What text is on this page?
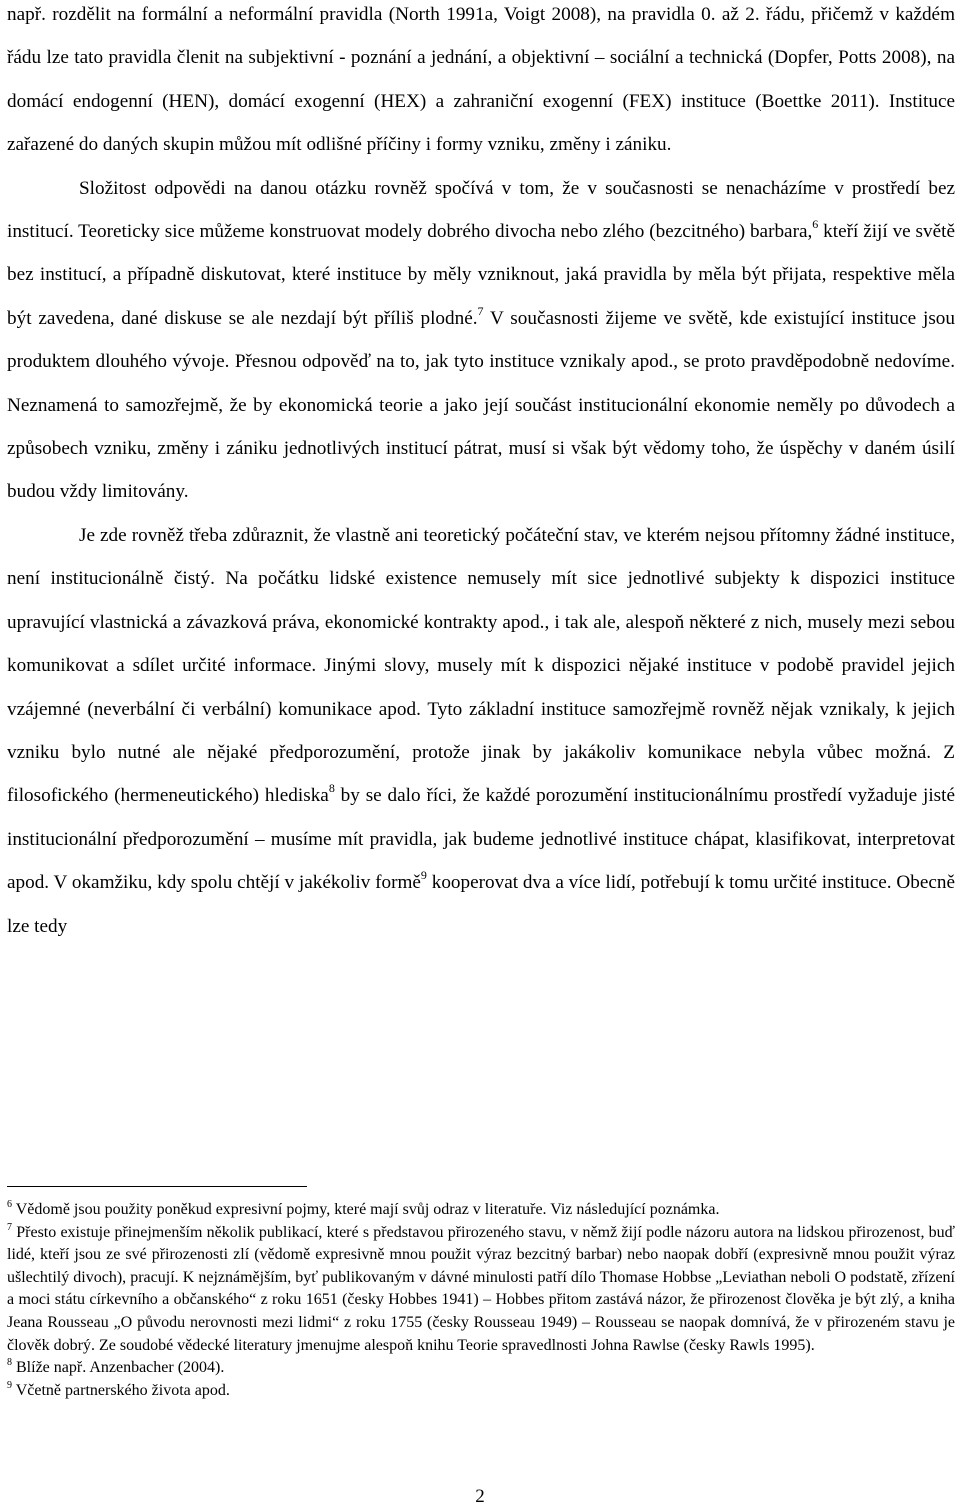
např. rozdělit na formální a neformální pravidla (North 1991a, Voigt 2008), na pravidla 0. až 2. řádu, přičemž v každém řádu lze tato pravidla členit na subjektivní - poznání a jednání, a objektivní – sociální a technická (Dopfer, Potts 2008), na domácí endogenní (HEN), domácí exogenní (HEX) a zahraniční exogenní (FEX) instituce (Boettke 2011). Instituce zařazené do daných skupin můžou mít odlišné příčiny i formy vzniku, změny i zániku.

Složitost odpovědi na danou otázku rovněž spočívá v tom, že v současnosti se nenacházíme v prostředí bez institucí. Teoreticky sice můžeme konstruovat modely dobrého divocha nebo zlého (bezcitného) barbara,$^6$ kteří žijí ve světě bez institucí, a případně diskutovat, které instituce by měly vzniknout, jaká pravidla by měla být přijata, respektive měla být zavedena, dané diskuse se ale nezdají být příliš plodné.$^7$ V současnosti žijeme ve světě, kde existující instituce jsou produktem dlouhého vývoje. Přesnou odpověď na to, jak tyto instituce vznikaly apod., se proto pravděpodobně nedovíme. Neznamená to samozřejmě, že by ekonomická teorie a jako její součást institucionální ekonomie neměly po důvodech a způsobech vzniku, změny i zániku jednotlivých institucí pátrat, musí si však být vědomy toho, že úspěchy v daném úsilí budou vždy limitovány.

Je zde rovněž třeba zdůraznit, že vlastně ani teoretický počáteční stav, ve kterém nejsou přítomny žádné instituce, není institucionálně čistý. Na počátku lidské existence nemusely mít sice jednotlivé subjekty k dispozici instituce upravující vlastnická a závazková práva, ekonomické kontrakty apod., i tak ale, alespoň některé z nich, musely mezi sebou komunikovat a sdílet určité informace. Jinými slovy, musely mít k dispozici nějaké instituce v podobě pravidel jejich vzájemné (neverbální či verbální) komunikace apod. Tyto základní instituce samozřejmě rovněž nějak vznikaly, k jejich vzniku bylo nutné ale nějaké předporozumění, protože jinak by jakákoliv komunikace nebyla vůbec možná. Z filosofického (hermeneutického) hlediska$^8$ by se dalo říci, že každé porozumění institucionálnímu prostředí vyžaduje jisté institucionální předporozumění – musíme mít pravidla, jak budeme jednotlivé instituce chápat, klasifikovat, interpretovat apod. V okamžiku, kdy spolu chtějí v jakékoliv formě$^9$ kooperovat dva a více lidí, potřebují k tomu určité instituce. Obecně lze tedy

$^6$ Vědomě jsou použity poněkud expresivní pojmy, které mají svůj odraz v literatuře. Viz následující poznámka.

$^7$ Přesto existuje přinejmenším několik publikací, které s představou přirozeného stavu, v němž žijí podle názoru autora na lidskou přirozenost, buď lidé, kteří jsou ze své přirozenosti zlí (vědomě expresivně mnou použit výraz bezcitný barbar) nebo naopak dobří (expresivně mnou použit výraz ušlechtilý divoch), pracují. K nejznámějším, byť publikovaným v dávné minulosti patří dílo Thomase Hobbse „Leviathan neboli O podstatě, zřízení a moci státu církevního a občanského“ z roku 1651 (česky Hobbes 1941) – Hobbes přitom zastává názor, že přirozenost člověka je být zlý, a kniha Jeana Rousseau „O původu nerovnosti mezi lidmi“ z roku 1755 (česky Rousseau 1949) – Rousseau se naopak domnívá, že v přirozeném stavu je člověk dobrý. Ze soudobé vědecké literatury jmenujme alespoň knihu Teorie spravedlnosti Johna Rawlse (česky Rawls 1995).

$^8$ Blíže např. Anzenbacher (2004).

$^9$ Včetně partnerského života apod.

2
